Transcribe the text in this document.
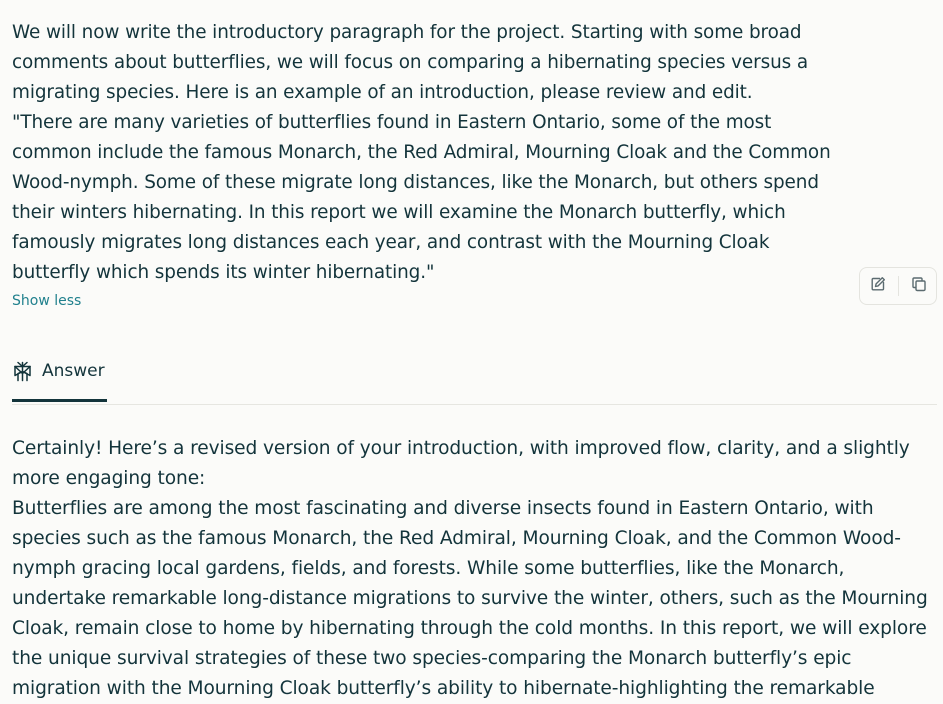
We will now write the introductory paragraph for the project. Starting with some broad

comments about butterflies, we will focus on comparing a hibernating species versus a

migrating species. Here is an example of an introduction, please review and edit.

"There are many varieties of butterflies found in Eastern Ontario, some of the most

common include the famous Monarch, the Red Admiral, Mourning Cloak and the Common

Wood-nymph. Some of these migrate long distances, like the Monarch, but others spend

their winters hibernating. In this report we will examine the Monarch butterfly, which

famously migrates long distances each year, and contrast with the Mourning Cloak

butterfly which spends its winter hibernating."

Show less
Answer

Certainly! Here’s a revised version of your introduction, with improved flow, clarity, and a slightly

more engaging tone:

Butterflies are among the most fascinating and diverse insects found in Eastern Ontario, with

species such as the famous Monarch, the Red Admiral, Mourning Cloak, and the Common Wood-

nymph gracing local gardens, fields, and forests. While some butterflies, like the Monarch,

undertake remarkable long-distance migrations to survive the winter, others, such as the Mourning

Cloak, remain close to home by hibernating through the cold months. In this report, we will explore

the unique survival strategies of these two species-comparing the Monarch butterfly’s epic

migration with the Mourning Cloak butterfly’s ability to hibernate-highlighting the remarkable
